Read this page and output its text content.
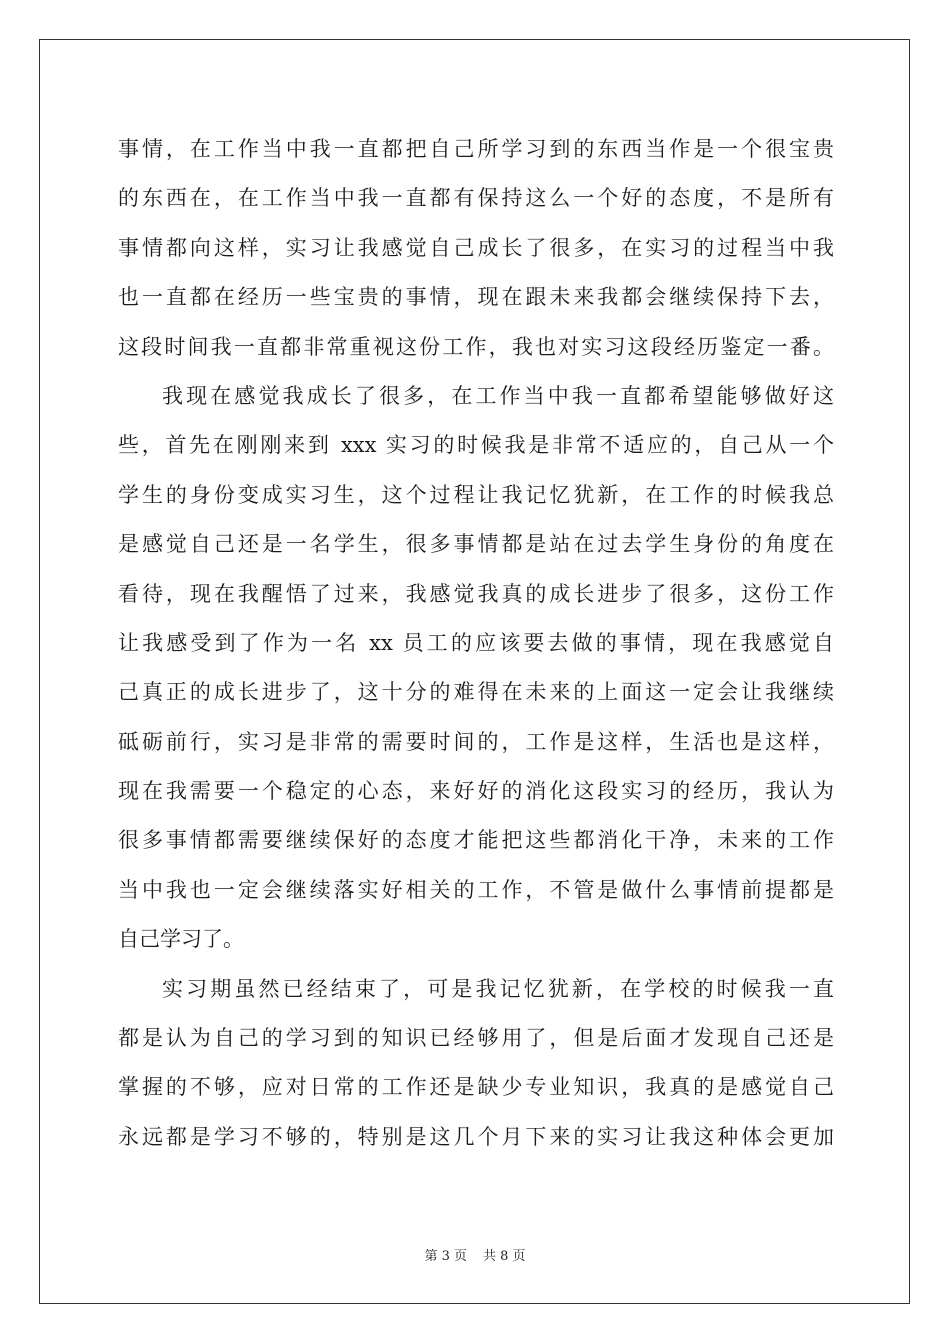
事情，在工作当中我一直都把自己所学习到的东西当作是一个很宝贵
的东西在，在工作当中我一直都有保持这么一个好的态度，不是所有
事情都向这样，实习让我感觉自己成长了很多，在实习的过程当中我
也一直都在经历一些宝贵的事情，现在跟未来我都会继续保持下去，
这段时间我一直都非常重视这份工作，我也对实习这段经历鉴定一番。
我现在感觉我成长了很多，在工作当中我一直都希望能够做好这
些，首先在刚刚来到 xxx 实习的时候我是非常不适应的，自己从一个
学生的身份变成实习生，这个过程让我记忆犹新，在工作的时候我总
是感觉自己还是一名学生，很多事情都是站在过去学生身份的角度在
看待，现在我醒悟了过来，我感觉我真的成长进步了很多，这份工作
让我感受到了作为一名 xx 员工的应该要去做的事情，现在我感觉自
己真正的成长进步了，这十分的难得在未来的上面这一定会让我继续
砥砺前行，实习是非常的需要时间的，工作是这样，生活也是这样，
现在我需要一个稳定的心态，来好好的消化这段实习的经历，我认为
很多事情都需要继续保好的态度才能把这些都消化干净，未来的工作
当中我也一定会继续落实好相关的工作，不管是做什么事情前提都是
自己学习了。
实习期虽然已经结束了，可是我记忆犹新，在学校的时候我一直
都是认为自己的学习到的知识已经够用了，但是后面才发现自己还是
掌握的不够，应对日常的工作还是缺少专业知识，我真的是感觉自己
永远都是学习不够的，特别是这几个月下来的实习让我这种体会更加
第 3 页 共 8 页
